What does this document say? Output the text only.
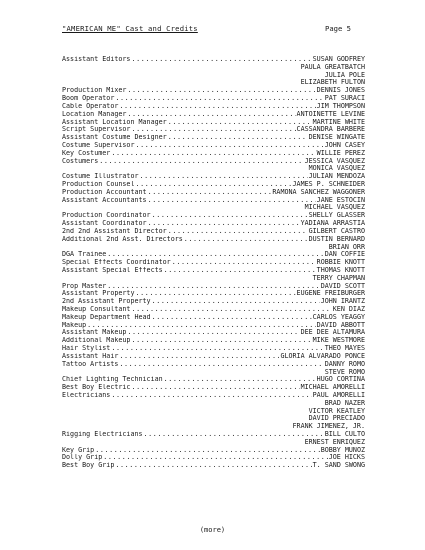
"AMERICAN ME" Cast and Credits	Page 5
Assistant Editors .....	SUSAN GODFREY
PAULA GREATBATCH
JULIA POLE
ELIZABETH FULTON
Production Mixer .....	DENNIS JONES
Boom Operator .....	PAT SURACI
Cable Operator .....	JIM THOMPSON
Location Manager .....	ANTOINETTE LEVINE
Assistant Location Manager .....	MARTINE WHITE
Script Supervisor .....	CASSANDRA BARBERE
Assistant Costume Designer .....	DENISE WINGATE
Costume Supervisor .....	JOHN CASEY
Key Costumer .....	WILLIE PEREZ
Costumers .....	JESSICA VASQUEZ
MONICA VASQUEZ
Costume Illustrator .....	JULIAN MENDOZA
Production Counsel .....	JAMES P. SCHNEIDER
Production Accountant .....	RAMONA SANCHEZ WAGGONER
Assistant Accountants .....	JANE ESTOCIN
MICHAEL VASQUEZ
Production Coordinator .....	SHELLY GLASSER
Assistant Coordinator .....	YADIANA ARRASTIA
2nd 2nd Assistant Director .....	GILBERT CASTRO
Additional 2nd Asst. Directors .....	DUSTIN BERNARD
BRIAN ORR
DGA Trainee .....	DAN COFFIE
Special Effects Coordinator .....	ROBBIE KNOTT
Assistant Special Effects .....	THOMAS KNOTT
TERRY CHAPMAN
Prop Master .....	DAVID SCOTT
Assistant Property .....	EUGENE FREIBURGER
2nd Assistant Property .....	JOHN IRANTZ
Makeup Consultant .....	KEN DIAZ
Makeup Department Head .....	CARLOS YEAGGY
Makeup .....	DAVID ABBOTT
Assistant Makeup .....	DEE DEE ALTAMURA
Additional Makeup .....	MIKE WESTMORE
Hair Stylist .....	THEO MAYES
Assistant Hair .....	GLORIA ALVARADO PONCE
Tattoo Artists .....	DANNY ROMO
STEVE ROMO
Chief Lighting Technician .....	HUGO CORTINA
Best Boy Electric .....	MICHAEL AMORELLI
Electricians .....	PAUL AMORELLI
BRAD NAZER
VICTOR KEATLEY
DAVID PRECIADO
FRANK JIMENEZ, JR.
Rigging Electricians .....	BILL CULTO
ERNEST ENRIQUEZ
Key Grip .....	BOBBY MUNOZ
Dolly Grip .....	JOE HICKS
Best Boy Grip .....	T. SAND SWONG
(more)
